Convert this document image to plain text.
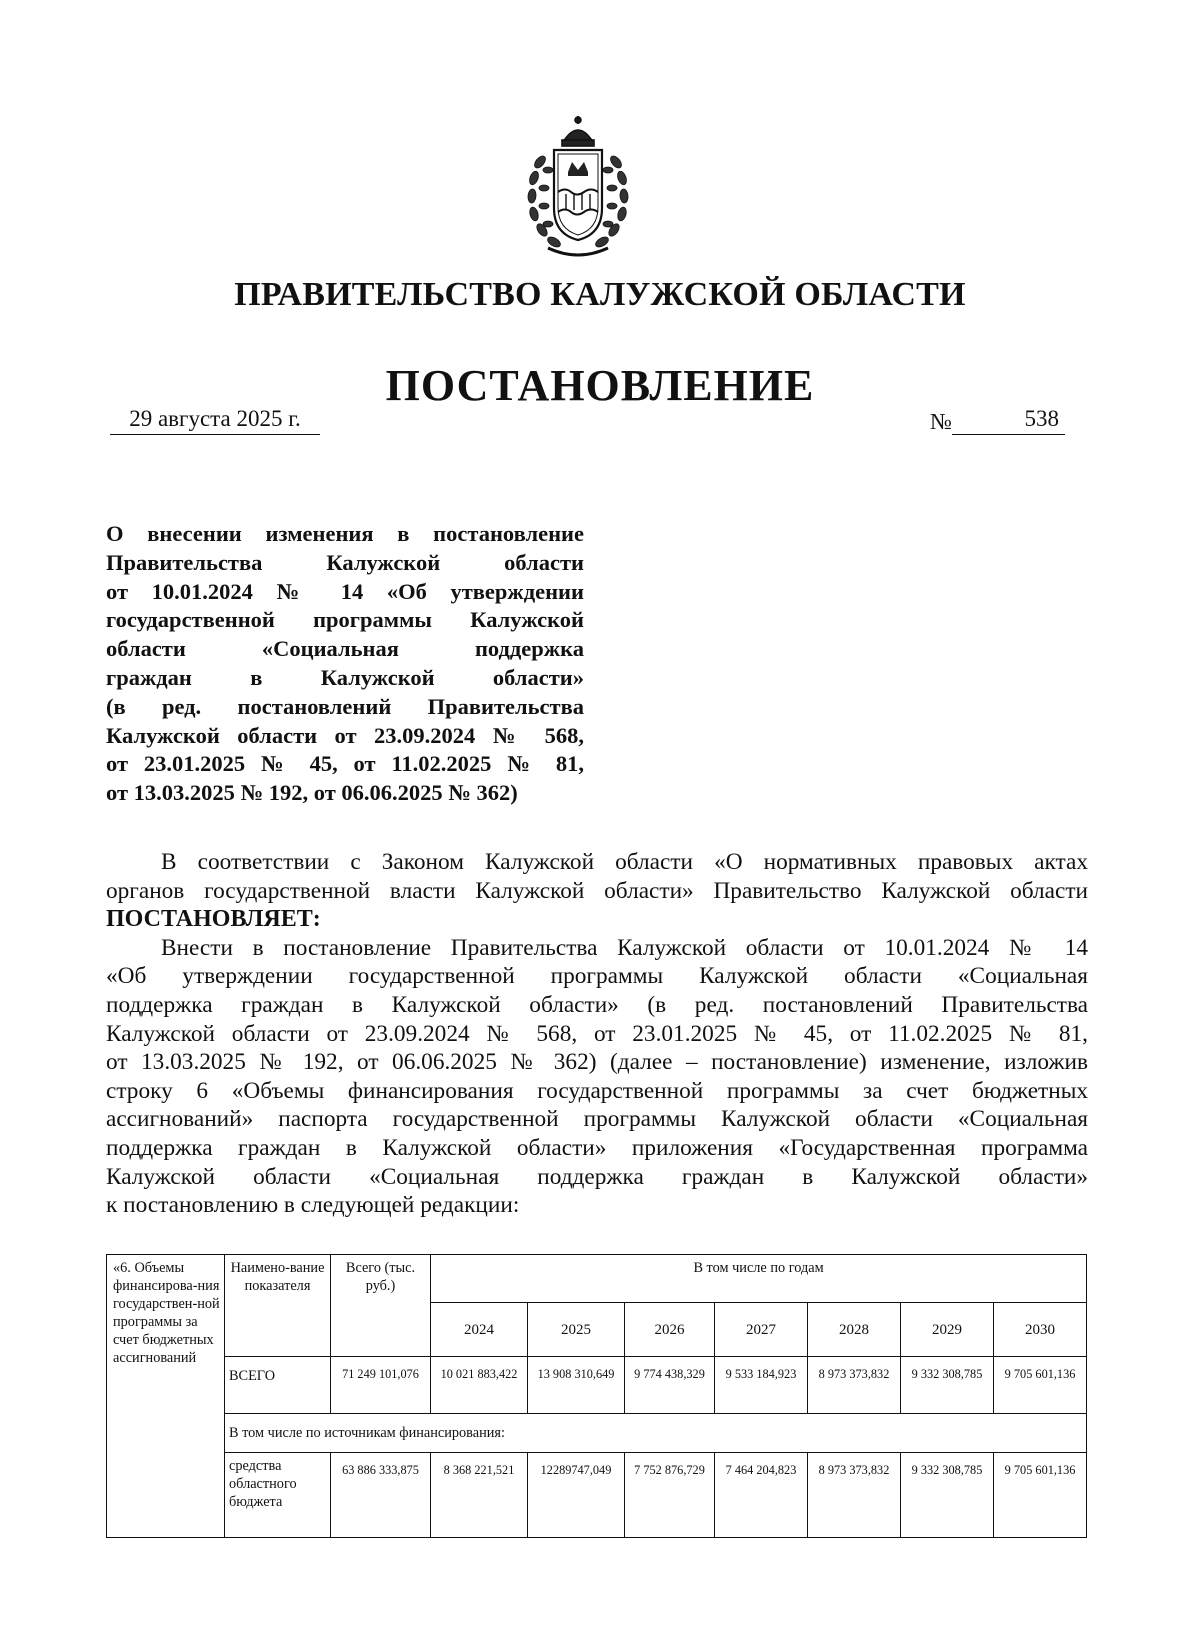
ПРАВИТЕЛЬСТВО КАЛУЖСКОЙ ОБЛАСТИ
ПОСТАНОВЛЕНИЕ
29 августа 2025 г.	№	538
О внесении изменения в постановление
Правительства Калужской области
от 10.01.2024 № 14 «Об утверждении
государственной программы Калужской
области «Социальная поддержка
граждан в Калужской области»
(в ред. постановлений Правительства
Калужской области от 23.09.2024 № 568,
от 23.01.2025 № 45, от 11.02.2025 № 81,
от 13.03.2025 № 192, от 06.06.2025 № 362)
В соответствии с Законом Калужской области «О нормативных правовых актах
органов государственной власти Калужской области» Правительство Калужской области
ПОСТАНОВЛЯЕТ:
Внести в постановление Правительства Калужской области от 10.01.2024 № 14
«Об утверждении государственной программы Калужской области «Социальная
поддержка граждан в Калужской области» (в ред. постановлений Правительства
Калужской области от 23.09.2024 № 568, от 23.01.2025 № 45, от 11.02.2025 № 81,
от 13.03.2025 № 192, от 06.06.2025 № 362) (далее – постановление) изменение, изложив
строку 6 «Объемы финансирования государственной программы за счет бюджетных
ассигнований» паспорта государственной программы Калужской области «Социальная
поддержка граждан в Калужской области» приложения «Государственная программа
Калужской области «Социальная поддержка граждан в Калужской области»
к постановлению в следующей редакции:
«6. Объемы финансирова-ния государствен-ной программы за счет бюджетных ассигнований	Наимено-вание показателя	Всего (тыс. руб.)	В том числе по годам						
			2024	2025	2026	2027	2028	2029	2030
	ВСЕГО	71 249 101,076	10 021 883,422	13 908 310,649	9 774 438,329	9 533 184,923	8 973 373,832	9 332 308,785	9 705 601,136
	В том числе по источникам финансирования:								
	средства областного бюджета	63 886 333,875	8 368 221,521	12289747,049	7 752 876,729	7 464 204,823	8 973 373,832	9 332 308,785	9 705 601,136
